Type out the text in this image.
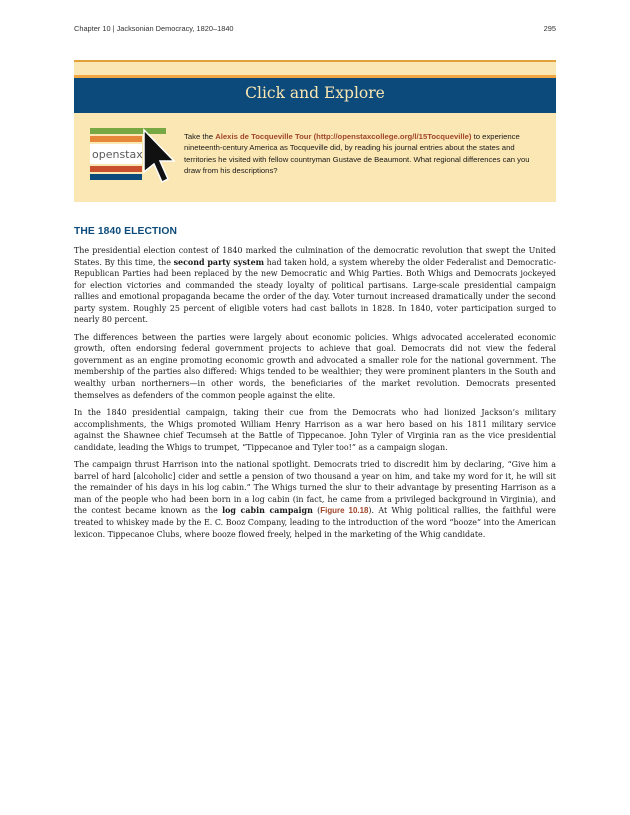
Chapter 10 | Jacksonian Democracy, 1820–1840	295
Click and Explore
openstax
Take the Alexis de Tocqueville Tour (http://openstaxcollege.org/l/15Tocqueville) to experience nineteenth-century America as Tocqueville did, by reading his journal entries about the states and territories he visited with fellow countryman Gustave de Beaumont. What regional differences can you draw from his descriptions?
THE 1840 ELECTION

The presidential election contest of 1840 marked the culmination of the democratic revolution that swept the United States. By this time, the second party system had taken hold, a system whereby the older Federalist and Democratic-Republican Parties had been replaced by the new Democratic and Whig Parties. Both Whigs and Democrats jockeyed for election victories and commanded the steady loyalty of political partisans. Large-scale presidential campaign rallies and emotional propaganda became the order of the day. Voter turnout increased dramatically under the second party system. Roughly 25 percent of eligible voters had cast ballots in 1828. In 1840, voter participation surged to nearly 80 percent.

The differences between the parties were largely about economic policies. Whigs advocated accelerated economic growth, often endorsing federal government projects to achieve that goal. Democrats did not view the federal government as an engine promoting economic growth and advocated a smaller role for the national government. The membership of the parties also differed: Whigs tended to be wealthier; they were prominent planters in the South and wealthy urban northerners—in other words, the beneficiaries of the market revolution. Democrats presented themselves as defenders of the common people against the elite.

In the 1840 presidential campaign, taking their cue from the Democrats who had lionized Jackson’s military accomplishments, the Whigs promoted William Henry Harrison as a war hero based on his 1811 military service against the Shawnee chief Tecumseh at the Battle of Tippecanoe. John Tyler of Virginia ran as the vice presidential candidate, leading the Whigs to trumpet, “Tippecanoe and Tyler too!” as a campaign slogan.

The campaign thrust Harrison into the national spotlight. Democrats tried to discredit him by declaring, “Give him a barrel of hard [alcoholic] cider and settle a pension of two thousand a year on him, and take my word for it, he will sit the remainder of his days in his log cabin.” The Whigs turned the slur to their advantage by presenting Harrison as a man of the people who had been born in a log cabin (in fact, he came from a privileged background in Virginia), and the contest became known as the log cabin campaign (Figure 10.18). At Whig political rallies, the faithful were treated to whiskey made by the E. C. Booz Company, leading to the introduction of the word “booze” into the American lexicon. Tippecanoe Clubs, where booze flowed freely, helped in the marketing of the Whig candidate.
